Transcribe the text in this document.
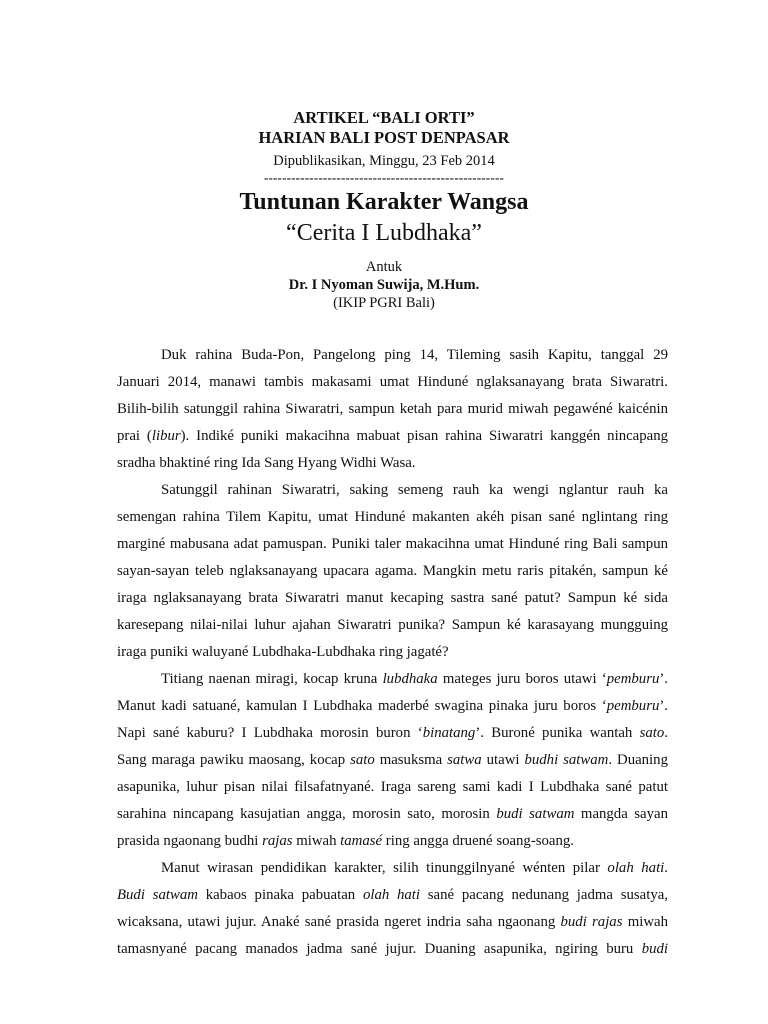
ARTIKEL “BALI ORTI”
HARIAN BALI POST DENPASAR
Dipublikasikan, Minggu, 23 Feb 2014
-----------------------------------------------------
Tuntunan Karakter Wangsa
“Cerita I Lubdhaka”
Antuk
Dr. I Nyoman Suwija, M.Hum.
(IKIP PGRI Bali)
Duk rahina Buda-Pon, Pangelong ping 14, Tileming sasih Kapitu, tanggal 29
Januari 2014, manawi tambis makasami umat Hinduné nglaksanayang brata Siwaratri.
Bilih-bilih satunggil rahina Siwaratri, sampun ketah para murid miwah pegawéné kaicénin
prai (libur). Indiké puniki makacihna mabuat pisan rahina Siwaratri kanggén nincapang
sradha bhaktiné ring Ida Sang Hyang Widhi Wasa.
Satunggil rahinan Siwaratri, saking semeng rauh ka wengi nglantur rauh ka
semengan rahina Tilem Kapitu, umat Hinduné makanten akéh pisan sané nglintang ring
marginé mabusana adat pamuspan. Puniki taler makacihna umat Hinduné ring Bali sampun
sayan-sayan teleb nglaksanayang upacara agama. Mangkin metu raris pitakén, sampun ké
iraga nglaksanayang brata Siwaratri manut kecaping sastra sané patut? Sampun ké sida
karesepang nilai-nilai luhur ajahan Siwaratri punika? Sampun ké karasayang mungguing
iraga puniki waluyané Lubdhaka-Lubdhaka ring jagaté?
Titiang naenan miragi, kocap kruna lubdhaka mateges juru boros utawi ‘pemburu’.
Manut kadi satuané, kamulan I Lubdhaka maderbé swagina pinaka juru boros ‘pemburu’.
Napi sané kaburu? I Lubdhaka morosin buron ‘binatang’. Buroné punika wantah sato.
Sang maraga pawiku maosang, kocap sato masuksma satwa utawi budhi satwam. Duaning
asapunika, luhur pisan nilai filsafatnyané. Iraga sareng sami kadi I Lubdhaka sané patut
sarahina nincapang kasujatian angga, morosin sato, morosin budi satwam mangda sayan
prasida ngaonang budhi rajas miwah tamasé ring angga druené soang-soang.
Manut wirasan pendidikan karakter, silih tinunggilnyané wénten pilar olah hati.
Budi satwam kabaos pinaka pabuatan olah hati sané pacang nedunang jadma susatya,
wicaksana, utawi jujur. Anaké sané prasida ngeret indria saha ngaonang budi rajas miwah
tamasnyané pacang manados jadma sané jujur. Duaning asapunika, ngiring buru budi
